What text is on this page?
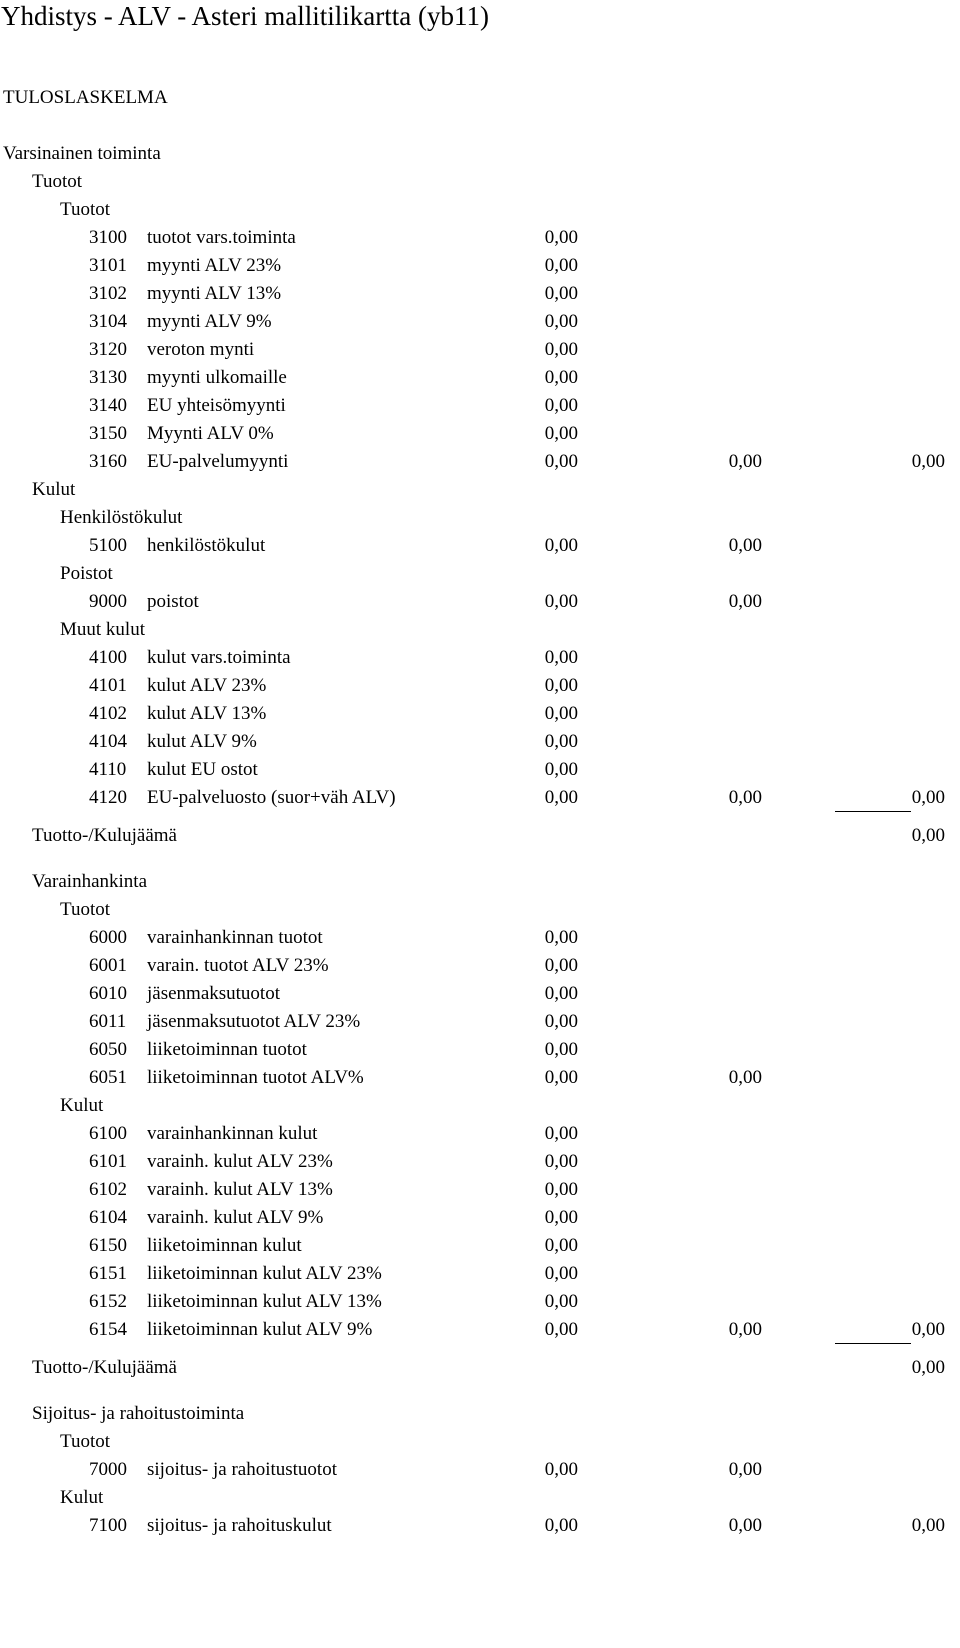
Yhdistys - ALV - Asteri mallitilikartta (yb11)
TULOSLASKELMA
Varsinainen toiminta
Tuotot
Tuotot
3100 tuotot vars.toiminta	0,00
3101 myynti ALV 23%	0,00
3102 myynti ALV 13%	0,00
3104 myynti ALV 9%	0,00
3120 veroton mynti	0,00
3130 myynti ulkomaille	0,00
3140 EU yhteisömyynti	0,00
3150 Myynti ALV 0%	0,00
3160 EU-palvelumyynti	0,00	0,00	0,00
Kulut
Henkilöstökulut
5100 henkilöstökulut	0,00	0,00
Poistot
9000 poistot	0,00	0,00
Muut kulut
4100 kulut vars.toiminta	0,00
4101 kulut ALV 23%	0,00
4102 kulut ALV 13%	0,00
4104 kulut ALV 9%	0,00
4110 kulut EU ostot	0,00
4120 EU-palveluosto (suor+väh ALV)	0,00	0,00	0,00
Tuotto-/Kulujäämä	0,00
Varainhankinta
Tuotot
6000 varainhankinnan tuotot	0,00
6001 varain. tuotot ALV 23%	0,00
6010 jäsenmaksutuotot	0,00
6011 jäsenmaksutuotot ALV 23%	0,00
6050 liiketoiminnan tuotot	0,00
6051 liiketoiminnan tuotot ALV%	0,00	0,00
Kulut
6100 varainhankinnan kulut	0,00
6101 varainh. kulut ALV 23%	0,00
6102 varainh. kulut ALV 13%	0,00
6104 varainh. kulut ALV 9%	0,00
6150 liiketoiminnan kulut	0,00
6151 liiketoiminnan kulut ALV 23%	0,00
6152 liiketoiminnan kulut ALV 13%	0,00
6154 liiketoiminnan kulut ALV 9%	0,00	0,00	0,00
Tuotto-/Kulujäämä	0,00
Sijoitus- ja rahoitustoiminta
Tuotot
7000 sijoitus- ja rahoitustuotot	0,00	0,00
Kulut
7100 sijoitus- ja rahoituskulut	0,00	0,00	0,00
